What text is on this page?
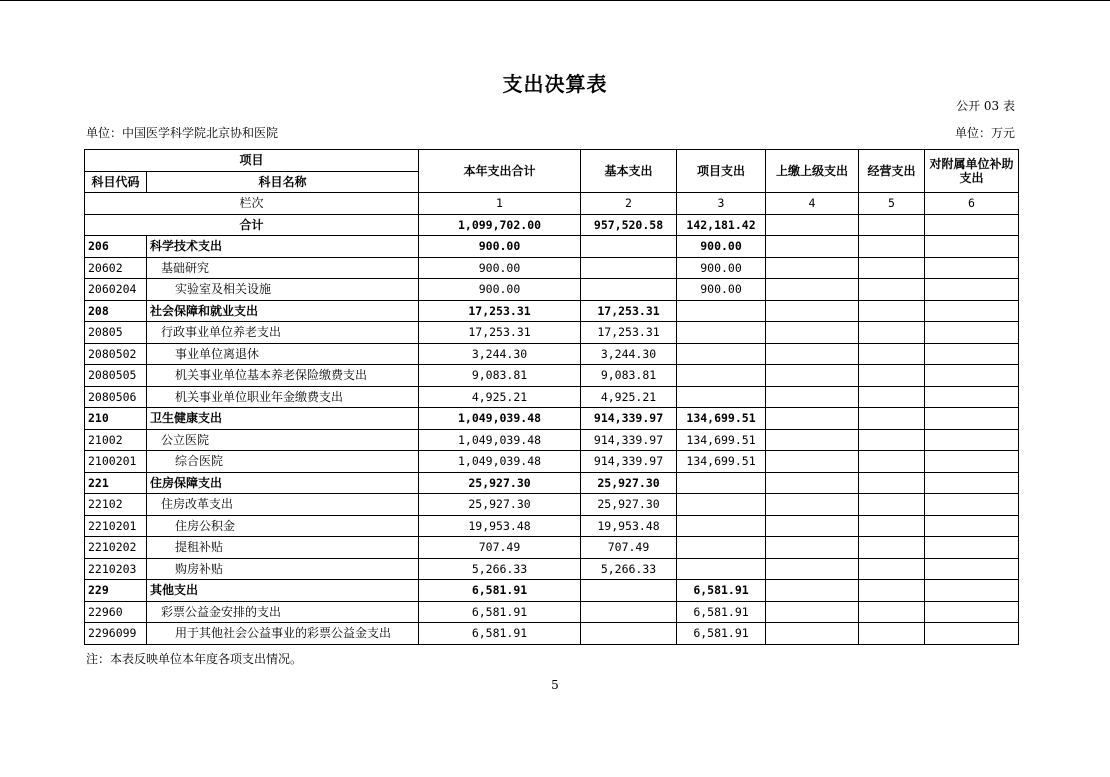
支出决算表
公开 03 表
单位：中国医学科学院北京协和医院	单位：万元
项目		本年支出合计	基本支出	项目支出	上缴上级支出	经营支出	对附属单位补助支出
科目代码	科目名称						
栏次		1	2	3	4	5	6
合计		1,099,702.00	957,520.58	142,181.42			
206	科学技术支出	900.00		900.00			
20602	基础研究	900.00		900.00			
2060204	实验室及相关设施	900.00		900.00			
208	社会保障和就业支出	17,253.31	17,253.31				
20805	行政事业单位养老支出	17,253.31	17,253.31				
2080502	事业单位离退休	3,244.30	3,244.30				
2080505	机关事业单位基本养老保险缴费支出	9,083.81	9,083.81				
2080506	机关事业单位职业年金缴费支出	4,925.21	4,925.21				
210	卫生健康支出	1,049,039.48	914,339.97	134,699.51			
21002	公立医院	1,049,039.48	914,339.97	134,699.51			
2100201	综合医院	1,049,039.48	914,339.97	134,699.51			
221	住房保障支出	25,927.30	25,927.30				
22102	住房改革支出	25,927.30	25,927.30				
2210201	住房公积金	19,953.48	19,953.48				
2210202	提租补贴	707.49	707.49				
2210203	购房补贴	5,266.33	5,266.33				
229	其他支出	6,581.91		6,581.91			
22960	彩票公益金安排的支出	6,581.91		6,581.91			
2296099	用于其他社会公益事业的彩票公益金支出	6,581.91		6,581.91			
注：本表反映单位本年度各项支出情况。
5
